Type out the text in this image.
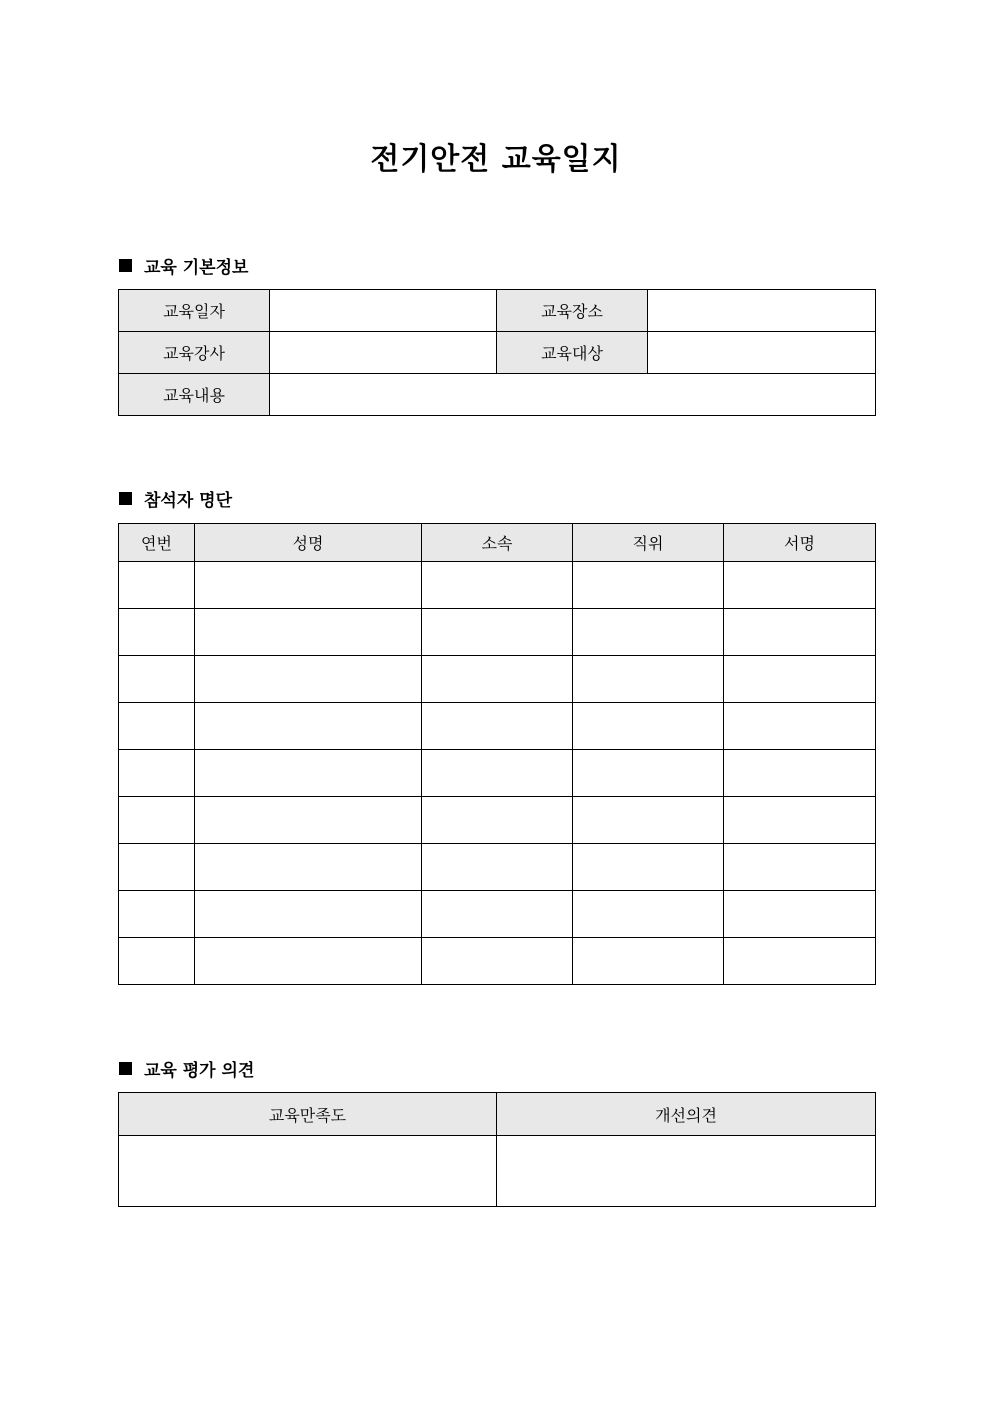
전기안전 교육일지
교육 기본정보
교육일자		교육장소	
교육강사		교육대상	
교육내용			
참석자 명단
연번	성명	소속	직위	서명

교육 평가 의견
교육만족도	개선의견
